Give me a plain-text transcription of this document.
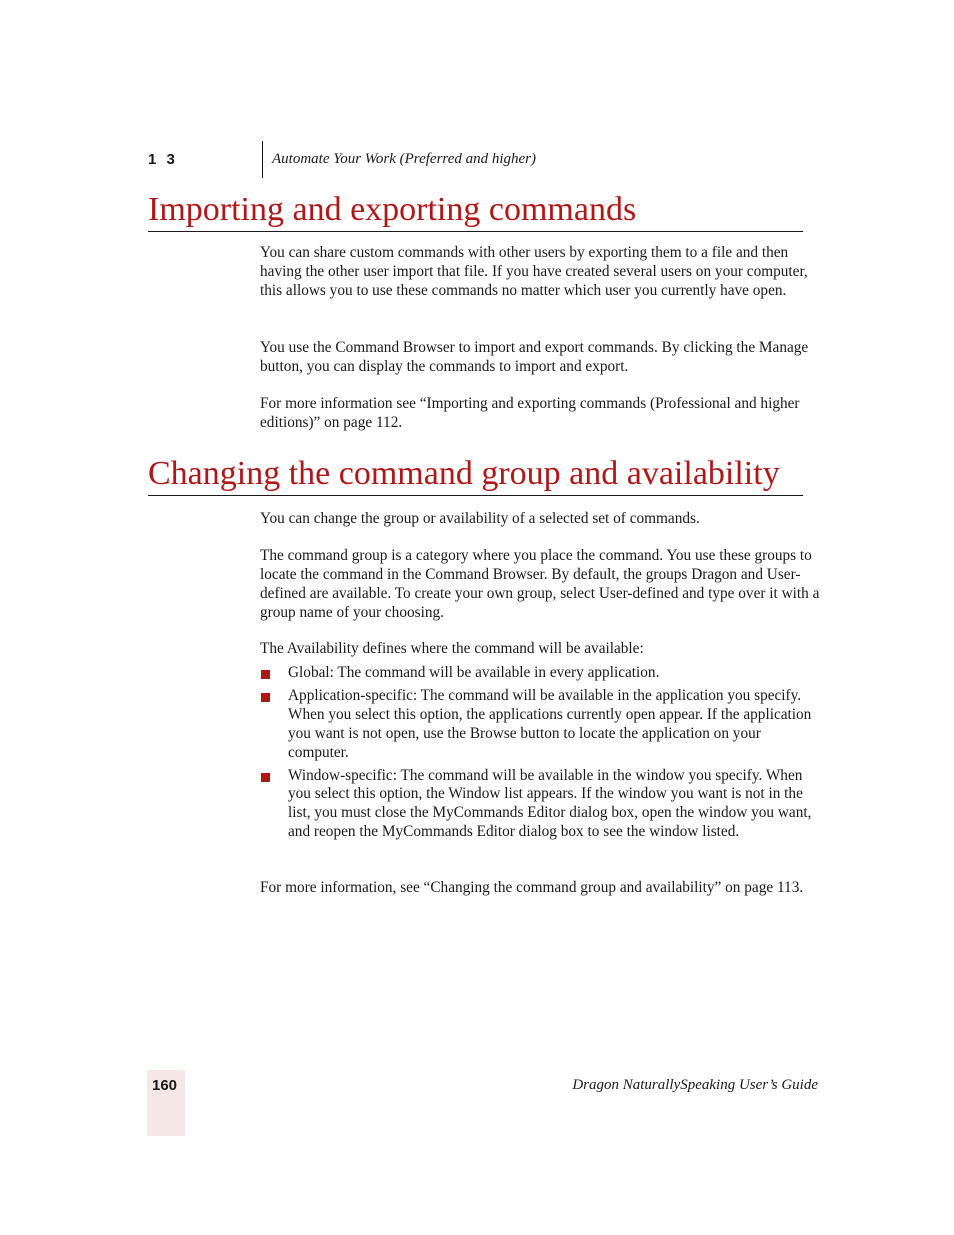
1 3	Automate Your Work (Preferred and higher)
Importing and exporting commands

You can share custom commands with other users by exporting them to a file and then having the other user import that file. If you have created several users on your computer, this allows you to use these commands no matter which user you currently have open.

You use the Command Browser to import and export commands. By clicking the Manage button, you can display the commands to import and export.

For more information see “Importing and exporting commands (Professional and higher editions)” on page 112.

Changing the command group and availability

You can change the group or availability of a selected set of commands.

The command group is a category where you place the command. You use these groups to locate the command in the Command Browser. By default, the groups Dragon and User-defined are available. To create your own group, select User-defined and type over it with a group name of your choosing.

The Availability defines where the command will be available:

Global: The command will be available in every application.
Application-specific: The command will be available in the application you specify. When you select this option, the applications currently open appear. If the application you want is not open, use the Browse button to locate the application on your computer.
Window-specific: The command will be available in the window you specify. When you select this option, the Window list appears. If the window you want is not in the list, you must close the MyCommands Editor dialog box, open the window you want, and reopen the MyCommands Editor dialog box to see the window listed.

For more information, see “Changing the command group and availability” on page 113.

160	Dragon NaturallySpeaking User’s Guide
